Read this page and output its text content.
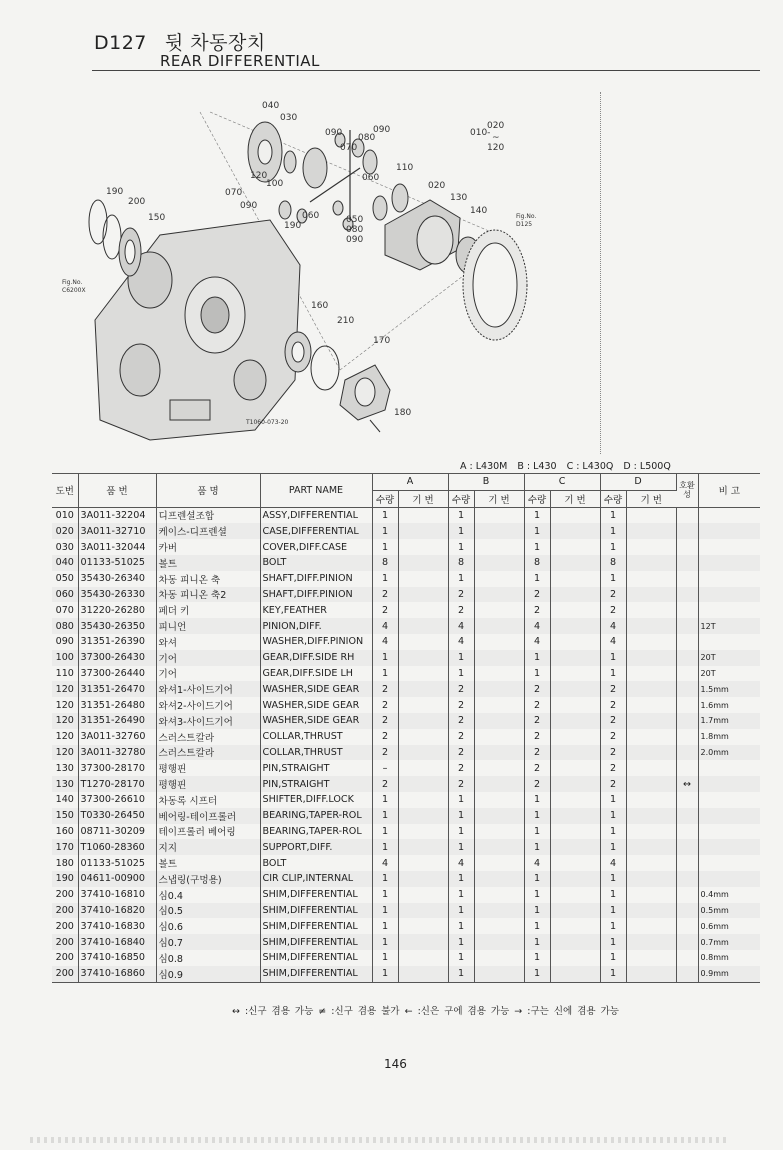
D127 뒷 차동장치
REAR DIFFERENTIAL
040
030
090	090
080
070
120
100
060
070
110
090
020
130
140
060	050
080
090
190
190
200
150
160
210
170
180
010-
020
~
120
Fig.No.
C6200X
Fig.No.
D125
T1060-073-20
A : L430M B : L430 C : L430Q D : L500Q
도번	품 번	품 명	PART NAME	A		B		C		D		호환성	비 고
				수량	기 번	수량	기 번	수량	기 번	수량	기 번		
010	3A011-32204	디프렌셜조합	ASSY,DIFFERENTIAL	1		1		1		1			
020	3A011-32710	케이스-디프렌셜	CASE,DIFFERENTIAL	1		1		1		1			
030	3A011-32044	카버	COVER,DIFF.CASE	1		1		1		1			
040	01133-51025	볼트	BOLT	8		8		8		8			
050	35430-26340	차동 피니온 축	SHAFT,DIFF.PINION	1		1		1		1			
060	35430-26330	차동 피니온 축2	SHAFT,DIFF.PINION	2		2		2		2			
070	31220-26280	페더 키	KEY,FEATHER	2		2		2		2			
080	35430-26350	피니언	PINION,DIFF.	4		4		4		4			12T
090	31351-26390	와셔	WASHER,DIFF.PINION	4		4		4		4			
100	37300-26430	기어	GEAR,DIFF.SIDE RH	1		1		1		1			20T
110	37300-26440	기어	GEAR,DIFF.SIDE LH	1		1		1		1			20T
120	31351-26470	와셔1-사이드기어	WASHER,SIDE GEAR	2		2		2		2			1.5mm
120	31351-26480	와셔2-사이드기어	WASHER,SIDE GEAR	2		2		2		2			1.6mm
120	31351-26490	와셔3-사이드기어	WASHER,SIDE GEAR	2		2		2		2			1.7mm
120	3A011-32760	스러스트칼라	COLLAR,THRUST	2		2		2		2			1.8mm
120	3A011-32780	스러스트칼라	COLLAR,THRUST	2		2		2		2			2.0mm
130	37300-28170	평행핀	PIN,STRAIGHT	–		2		2		2			
130	T1270-28170	평행핀	PIN,STRAIGHT	2		2		2		2		↔	
140	37300-26610	차동록 시프터	SHIFTER,DIFF.LOCK	1		1		1		1			
150	T0330-26450	베어링-테이프롤러	BEARING,TAPER-ROL	1		1		1		1			
160	08711-30209	테이프롤러 베어링	BEARING,TAPER-ROL	1		1		1		1			
170	T1060-28360	지지	SUPPORT,DIFF.	1		1		1		1			
180	01133-51025	볼트	BOLT	4		4		4		4			
190	04611-00900	스냅링(구멍용)	CIR CLIP,INTERNAL	1		1		1		1			
200	37410-16810	심0.4	SHIM,DIFFERENTIAL	1		1		1		1			0.4mm
200	37410-16820	심0.5	SHIM,DIFFERENTIAL	1		1		1		1			0.5mm
200	37410-16830	심0.6	SHIM,DIFFERENTIAL	1		1		1		1			0.6mm
200	37410-16840	심0.7	SHIM,DIFFERENTIAL	1		1		1		1			0.7mm
200	37410-16850	심0.8	SHIM,DIFFERENTIAL	1		1		1		1			0.8mm
200	37410-16860	심0.9	SHIM,DIFFERENTIAL	1		1		1		1			0.9mm
↔ :신구 겸용 가능 ≠ :신구 겸용 불가 ← :신은 구에 겸용 가능 → :구는 신에 겸용 가능
146
